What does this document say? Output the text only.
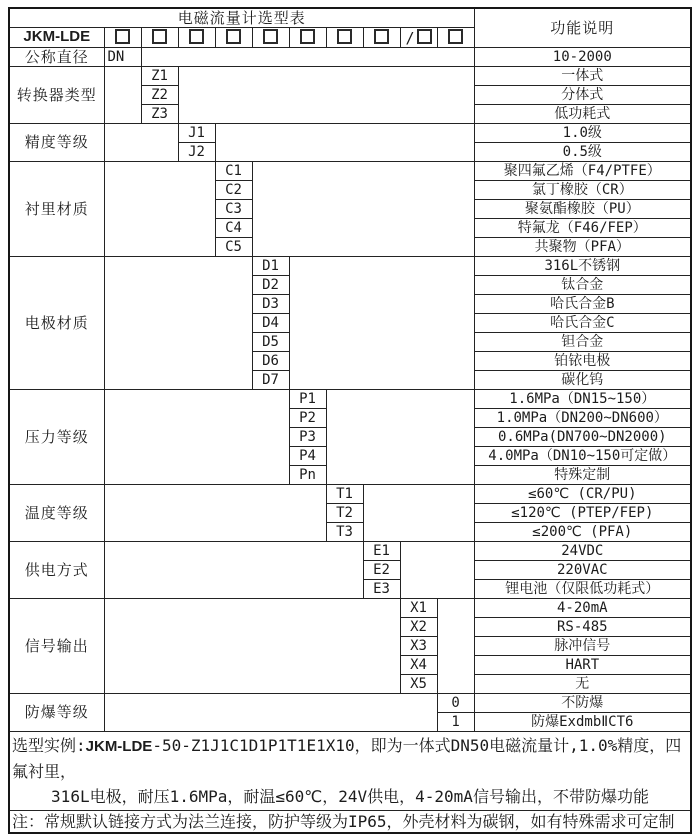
电磁流量计选型表											功能说明
JKM-LDE									/		
公称直径	DN										10-2000
转换器类型		Z1									一体式
		Z2									分体式
		Z3									低功耗式
精度等级			J1								1.0级
			J2								0.5级
衬里材质				C1							聚四氟乙烯（F4/PTFE）
				C2							氯丁橡胶（CR）
				C3							聚氨酯橡胶（PU）
				C4							特氟龙（F46/FEP）
				C5							共聚物（PFA）
电极材质					D1						316L不锈钢
					D2						钛合金
					D3						哈氏合金B
					D4						哈氏合金C
					D5						钽合金
					D6						铂铱电极
					D7						碳化钨
压力等级						P1					1.6MPa（DN15~150）
						P2					1.0MPa（DN200~DN600）
						P3					0.6MPa(DN700~DN2000)
						P4					4.0MPa（DN10~150可定做）
						Pn					特殊定制
温度等级							T1				≤60℃ (CR/PU)
							T2				≤120℃ (PTEP/FEP)
							T3				≤200℃ (PFA)
供电方式								E1			24VDC
								E2			220VAC
								E3			锂电池（仅限低功耗式）
信号输出									X1		4-20mA
									X2		RS-485
									X3		脉冲信号
									X4		HART
									X5		无
防爆等级										0	不防爆
										1	防爆ExdmbⅡCT6

选型实例:JKM-LDE-50-Z1J1C1D1P1T1E1X10，即为一体式DN50电磁流量计,1.0%精度，四氟衬里，
316L电极，耐压1.6MPa，耐温≤60℃，24V供电，4-20mA信号输出，不带防爆功能											

注：常规默认链接方式为法兰连接，防护等级为IP65，外壳材料为碳钢，如有特殊需求可定制											
